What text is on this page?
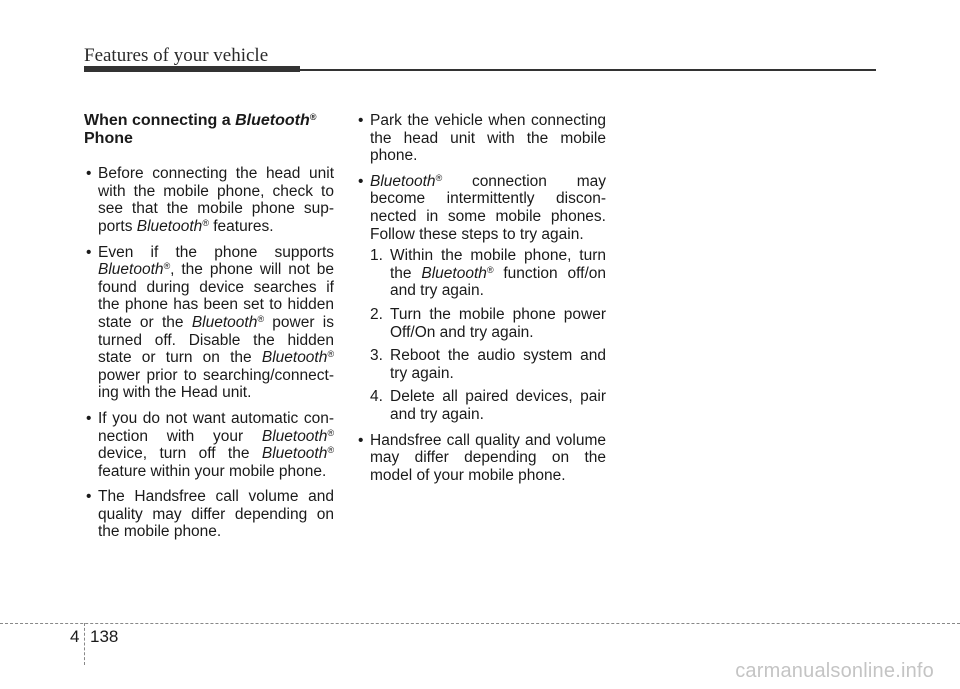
Features of your vehicle
When connecting a Bluetooth®
Phone
• Before connecting the head unit with the mobile phone, check to see that the mobile phone sup-ports Bluetooth® features.
• Even if the phone supports Bluetooth®, the phone will not be found during device searches if the phone has been set to hidden state or the Bluetooth® power is turned off. Disable the hidden state or turn on the Bluetooth® power prior to searching/connect-ing with the Head unit.
• If you do not want automatic con-nection with your Bluetooth® device, turn off the Bluetooth® feature within your mobile phone.
• The Handsfree call volume and quality may differ depending on the mobile phone.
• Park the vehicle when connecting the head unit with the mobile phone.
• Bluetooth® connection may become intermittently discon-nected in some mobile phones. Follow these steps to try again.
1. Within the mobile phone, turn the Bluetooth® function off/on and try again.
2. Turn the mobile phone power Off/On and try again.
3. Reboot the audio system and try again.
4. Delete all paired devices, pair and try again.
• Handsfree call quality and volume may differ depending on the model of your mobile phone.
4 138
carmanualsonline.info
